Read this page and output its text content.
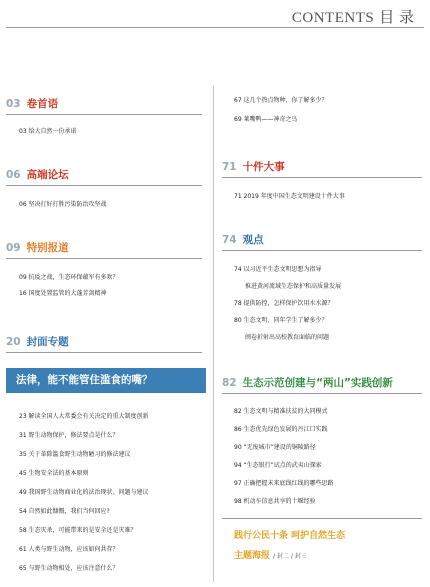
CONTENTS 目 录
03 卷首语
03 给大自然一份承诺
06 高端论坛
06 坚决打好打胜污染防治攻坚战
09 特别报道
09 抗疫之战，生态环保蕴军有多欢？
16 国度处置监管的大蓬芳剑精神
20 封面专题
法律，能不能管住滥食的嘴？
23 解读全国人大常委会有关决定的重大制度创新
31 野生动物保护，修法要点是什么？
35 关于革除滥食野生动物陋习的修法建议
45 生物安全法的基本原则
49 我国野生动物商业化的法治现状、问题与建议
54 自然如此慷慨，我们当何回应?
58 生态灾杀，可能带来的是安全还是灾难？
61 人类与野生动物，应该如何共存？
65 与野生动物相处，应该注意什么？
67 这几个热点物种，你了解多少？
69 莱嘴鸭——神奇之鸟
71 十件大事
71 2019 年度中国生态文明建设十件大事
74 观点
74 以习近平生态文明思想为指导
推进黄河流域生态保护和高质量发展
78 提供防控，怎样保护饮用水水源？
80 生态文明，同年学生了解多少？
闽卷折射出高校教育面临的问题
82 生态示范创建与“两山”实践创新
82 生态文明与精准扶贫的大同模式
86 生态优先绿色发展的丹江口实践
90 “无废城市”建设的铜陵路径
94 “生态银行”试点的武夷山探索
97 正确把握未来底线红线的哪些思路
98 机动车信息共享的十堰经验
践行公民十条 呵护自然生态
主题海报 / 封二 / 封三
